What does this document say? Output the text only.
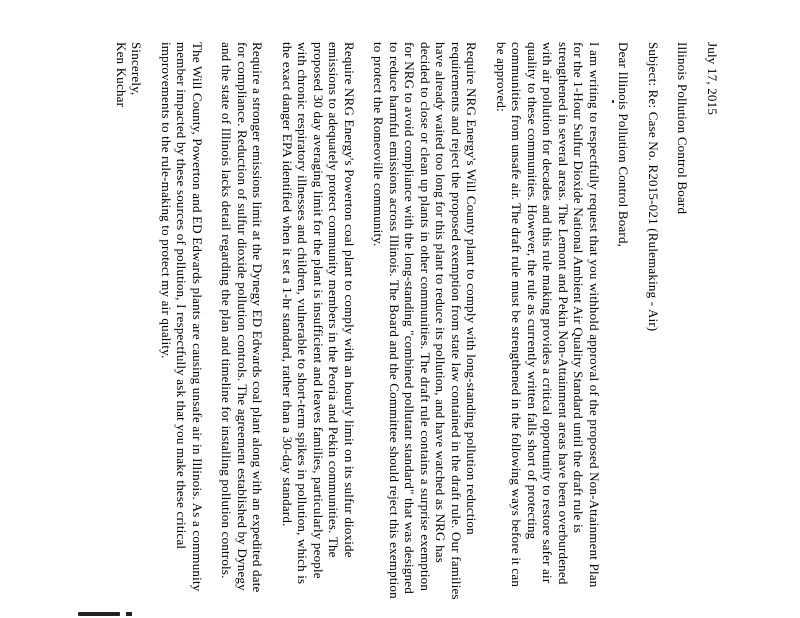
July 17, 2015

Illinois Pollution Control Board

Subject: Re: Case No. R2015-021 (Rulemaking - Air)

Dear Illinois Pollution Control Board,

I am writing to respectfully request that you withhold approval of the proposed Non-Attainment Plan for the 1-Hour Sulfur Dioxide National Ambient Air Quality Standard until the draft rule is strengthened in several areas. The Lemont and Pekin Non-Attainment areas have been overburdened with air pollution for decades and this rule making provides a critical opportunity to restore safer air quality to these communities. However, the rule as currently written falls short of protecting communities from unsafe air. The draft rule must be strengthened in the following ways before it can be approved:

Require NRG Energy's Will County plant to comply with long-standing pollution reduction requirements and reject the proposed exemption from state law contained in the draft rule. Our families have already waited too long for this plant to reduce its pollution, and have watched as NRG has decided to close or clean up plants in other communities. The draft rule contains a surprise exemption for NRG to avoid compliance with the long-standing "combined pollutant standard" that was designed to reduce harmful emissions across Illinois. The Board and the Committee should reject this exemption to protect the Romeoville community.

Require NRG Energy's Powerton coal plant to comply with an hourly limit on its sulfur dioxide emissions to adequately protect community members in the Peoria and Pekin communities. The proposed 30 day averaging limit for the plant is insufficient and leaves families, particularly people with chronic respiratory illnesses and children, vulnerable to short-term spikes in pollution, which is the exact danger EPA identified when it set a 1-hr standard, rather than a 30-day standard.

Require a stronger emissions limit at the Dynegy ED Edwards coal plant along with an expedited date for compliance. Reduction of sulfur dioxide pollution controls. The agreement established by Dynegy and the state of Illinois lacks detail regarding the plan and timeline for installing pollution controls.

The Will County, Powerton and ED Edwards plants are causing unsafe air in Illinois. As a community member impacted by these sources of pollution, I respectfully ask that you make these critical improvements to the rule-making to protect my air quality.

Sincerely,

Ken Kuchar
